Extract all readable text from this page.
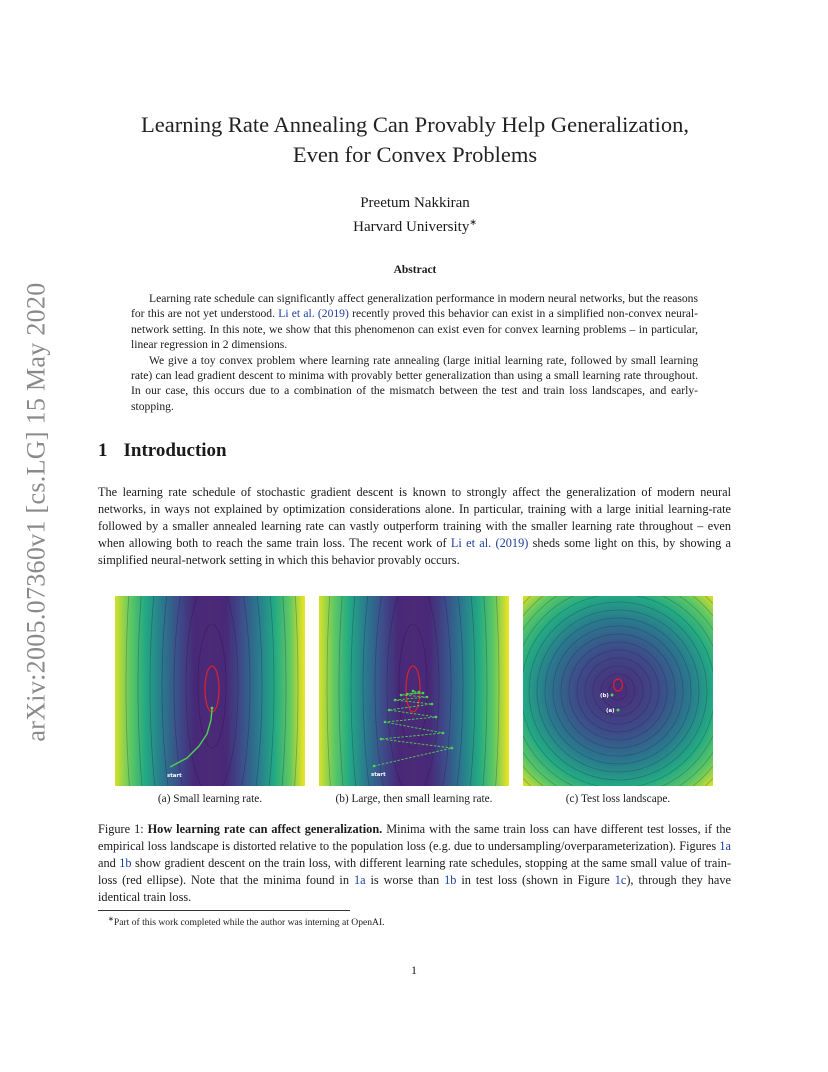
arXiv:2005.07360v1 [cs.LG] 15 May 2020
Learning Rate Annealing Can Provably Help Generalization,
Even for Convex Problems
Preetum Nakkiran
Harvard University∗
Abstract

Learning rate schedule can significantly affect generalization performance in modern neural networks, but the reasons for this are not yet understood. Li et al. (2019) recently proved this behavior can exist in a simplified non-convex neural-network setting. In this note, we show that this phenomenon can exist even for convex learning problems – in particular, linear regression in 2 dimensions.

We give a toy convex problem where learning rate annealing (large initial learning rate, followed by small learning rate) can lead gradient descent to minima with provably better generalization than using a small learning rate throughout. In our case, this occurs due to a combination of the mismatch between the test and train loss landscapes, and early-stopping.

1 Introduction

The learning rate schedule of stochastic gradient descent is known to strongly affect the generalization of modern neural networks, in ways not explained by optimization considerations alone. In particular, training with a large initial learning-rate followed by a smaller annealed learning rate can vastly outperform training with the smaller learning rate throughout – even when allowing both to reach the same train loss. The recent work of Li et al. (2019) sheds some light on this, by showing a simplified neural-network setting in which this behavior provably occurs.

start	start
(b)
(a)
(a) Small learning rate.	(b) Large, then small learning rate.	(c) Test loss landscape.

Figure 1: How learning rate can affect generalization. Minima with the same train loss can have different test losses, if the empirical loss landscape is distorted relative to the population loss (e.g. due to undersampling/overparameterization). Figures 1a and 1b show gradient descent on the train loss, with different learning rate schedules, stopping at the same small value of train-loss (red ellipse). Note that the minima found in 1a is worse than 1b in test loss (shown in Figure 1c), through they have identical train loss.

∗Part of this work completed while the author was interning at OpenAI.
1
